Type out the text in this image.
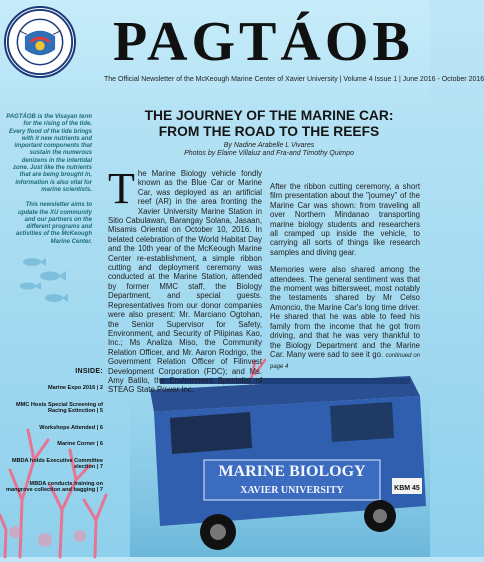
PAGTÁOB
The Official Newsletter of the McKeough Marine Center of Xavier University | Volume 4 Issue 1 | June 2016 - October 2016

PAGTÁOB is the Visayan term for the rising of the tide. Every flood of the tide brings with it new nutrients and important components that sustain the numerous denizens in the intertidal zone. Just like the nutrients that are being brought in, information is also vital for marine scientists.

This newsletter aims to update the XU community and our partners on the different programs and activities of the McKeough Marine Center.

INSIDE:
Marine Expo 2016 | 2
MMC Hosts Special Screening of Racing Extinction | 5
Workshops Attended | 6
Marine Corner | 6
MBDA holds Executive Committee election | 7
MBDA conducts training on mangrove collection and bagging | 7
THE JOURNEY OF THE MARINE CAR:
FROM THE ROAD TO THE REEFS
By Nadine Arabelle L Vivares
Photos by Elaine Villaluz and Fra-and Timothy Quimpo
KBM 45
MARINE BIOLOGY
XAVIER UNIVERSITY

The Marine Biology vehicle fondly known as the Blue Car or Marine Car, was deployed as an artificial reef (AR) in the area fronting the Xavier University Marine Station in Sitio Cabulawan, Barangay Solana, Jasaan, Misamis Oriental on October 10, 2016. In belated celebration of the World Habitat Day and the 10th year of the McKeough Marine Center re-establishment, a simple ribbon cutting and deployment ceremony was conducted at the Marine Station, attended by former MMC staff, the Biology Department, and special guests. Representatives from our donor companies were also present: Mr. Marciano Ogtohan, the Senior Supervisor for Safety, Environment, and Security of Pilipinas Kao, Inc.; Ms Analiza Miso, the Community Relation Officer, and Mr. Aaron Rodrigo, the Government Relation Officer of Filinvest Development Corporation (FDC); and Ms. Amy Batilo, the Environment Specialist of STEAG State Power Inc.

After the ribbon cutting ceremony, a short film presentation about the "journey" of the Marine Car was shown: from traveling all over Northern Mindanao transporting marine biology students and researchers all cramped up inside the vehicle, to carrying all sorts of things like research samples and diving gear.

Memories were also shared among the attendees. The general sentiment was that the moment was bittersweet, most notably the testaments shared by Mr Celso Amoncio, the Marine Car's long time driver. He shared that he was able to feed his family from the income that he got from driving, and that he was very thankful to the Biology Department and the Marine Car. Many were sad to see it go. continued on page 4
